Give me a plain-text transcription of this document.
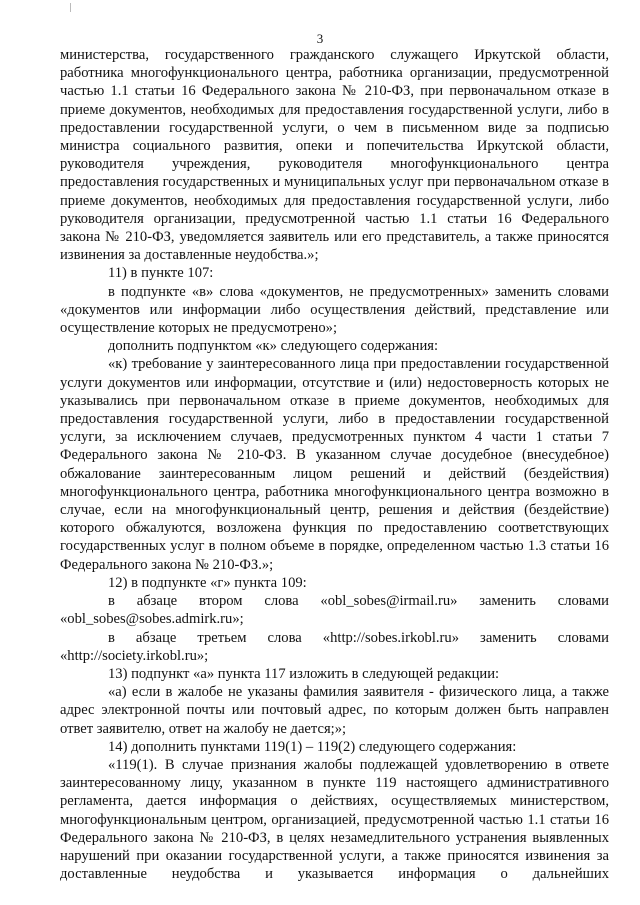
3

министерства, государственного гражданского служащего Иркутской области, работника многофункционального центра, работника организации, предусмотренной частью 1.1 статьи 16 Федерального закона № 210-ФЗ, при первоначальном отказе в приеме документов, необходимых для предоставления государственной услуги, либо в предоставлении государственной услуги, о чем в письменном виде за подписью министра социального развития, опеки и попечительства Иркутской области, руководителя учреждения, руководителя многофункционального центра предоставления государственных и муниципальных услуг при первоначальном отказе в приеме документов, необходимых для предоставления государственной услуги, либо руководителя организации, предусмотренной частью 1.1 статьи 16 Федерального закона № 210-ФЗ, уведомляется заявитель или его представитель, а также приносятся извинения за доставленные неудобства.»;

11) в пункте 107:

в подпункте «в» слова «документов, не предусмотренных» заменить словами «документов или информации либо осуществления действий, представление или осуществление которых не предусмотрено»;

дополнить подпунктом «к» следующего содержания:

«к) требование у заинтересованного лица при предоставлении государственной услуги документов или информации, отсутствие и (или) недостоверность которых не указывались при первоначальном отказе в приеме документов, необходимых для предоставления государственной услуги, либо в предоставлении государственной услуги, за исключением случаев, предусмотренных пунктом 4 части 1 статьи 7 Федерального закона № 210-ФЗ. В указанном случае досудебное (внесудебное) обжалование заинтересованным лицом решений и действий (бездействия) многофункционального центра, работника многофункционального центра возможно в случае, если на многофункциональный центр, решения и действия (бездействие) которого обжалуются, возложена функция по предоставлению соответствующих государственных услуг в полном объеме в порядке, определенном частью 1.3 статьи 16 Федерального закона № 210-ФЗ.»;

12) в подпункте «г» пункта 109:

в абзаце втором слова «obl_sobes@irmail.ru» заменить словами «obl_sobes@sobes.admirk.ru»;

в абзаце третьем слова «http://sobes.irkobl.ru» заменить словами «http://society.irkobl.ru»;

13) подпункт «а» пункта 117 изложить в следующей редакции:

«а) если в жалобе не указаны фамилия заявителя - физического лица, а также адрес электронной почты или почтовый адрес, по которым должен быть направлен ответ заявителю, ответ на жалобу не дается;»;

14) дополнить пунктами 119(1) – 119(2) следующего содержания:

«119(1). В случае признания жалобы подлежащей удовлетворению в ответе заинтересованному лицу, указанном в пункте 119 настоящего административного регламента, дается информация о действиях, осуществляемых министерством, многофункциональным центром, организацией, предусмотренной частью 1.1 статьи 16 Федерального закона № 210-ФЗ, в целях незамедлительного устранения выявленных нарушений при оказании государственной услуги, а также приносятся извинения за доставленные неудобства и указывается информация о дальнейших
